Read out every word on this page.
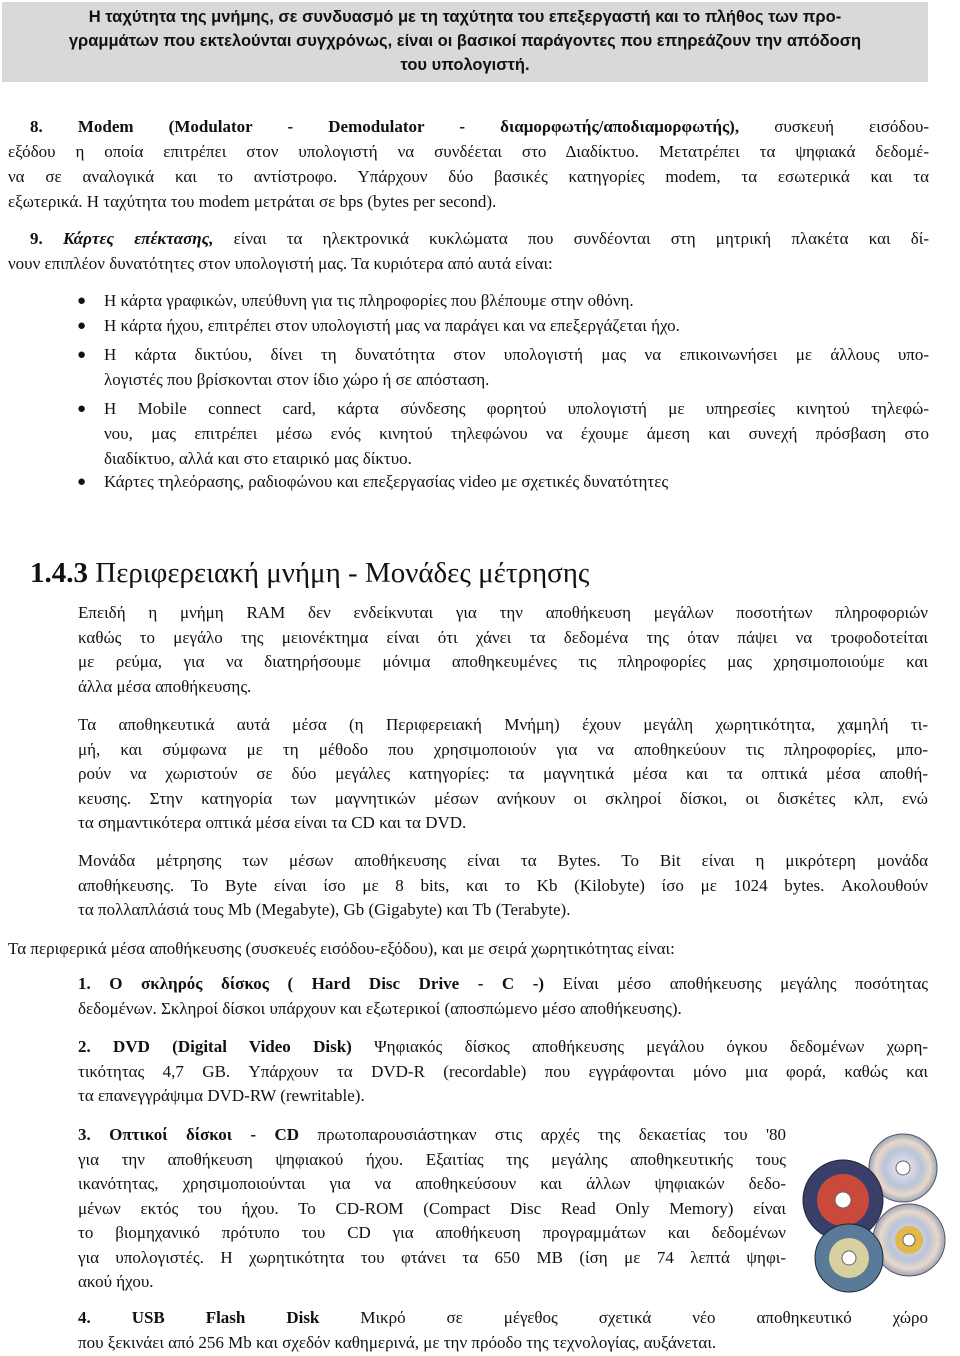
Η ταχύτητα της μνήμης, σε συνδυασμό με τη ταχύτητα του επεξεργαστή και το πλήθος των προ-
γραμμάτων που εκτελούνται συγχρόνως, είναι οι βασικοί παράγοντες που επηρεάζουν την απόδοση
του υπολογιστή.
8. Modem (Modulator - Demodulator - διαμορφωτής/αποδιαμορφωτής), συσκευή εισόδου-
εξόδου η οποία επιτρέπει στον υπολογιστή να συνδέεται στο Διαδίκτυο. Μετατρέπει τα ψηφιακά δεδομέ-
να σε αναλογικά και το αντίστροφο. Υπάρχουν δύο βασικές κατηγορίες modem, τα εσωτερικά και τα
εξωτερικά. Η ταχύτητα του modem μετράται σε bps (bytes per second).
9. Κάρτες επέκτασης, είναι τα ηλεκτρονικά κυκλώματα που συνδέονται στη μητρική πλακέτα και δί-
νουν επιπλέον δυνατότητες στον υπολογιστή μας. Τα κυριότερα από αυτά είναι:
● Η κάρτα γραφικών, υπεύθυνη για τις πληροφορίες που βλέπουμε στην οθόνη.
● Η κάρτα ήχου, επιτρέπει στον υπολογιστή μας να παράγει και να επεξεργάζεται ήχο.
● Η κάρτα δικτύου, δίνει τη δυνατότητα στον υπολογιστή μας να επικοινωνήσει με άλλους υπο-
λογιστές που βρίσκονται στον ίδιο χώρο ή σε απόσταση.
● Η Mobile connect card, κάρτα σύνδεσης φορητού υπολογιστή με υπηρεσίες κινητού τηλεφώ-
νου, μας επιτρέπει μέσω ενός κινητού τηλεφώνου να έχουμε άμεση και συνεχή πρόσβαση στο
διαδίκτυο, αλλά και στο εταιρικό μας δίκτυο.
● Κάρτες τηλεόρασης, ραδιοφώνου και επεξεργασίας video με σχετικές δυνατότητες
1.4.3 Περιφερειακή μνήμη - Μονάδες μέτρησης
Επειδή η μνήμη RAM δεν ενδείκνυται για την αποθήκευση μεγάλων ποσοτήτων πληροφοριών
καθώς το μεγάλο της μειονέκτημα είναι ότι χάνει τα δεδομένα της όταν πάψει να τροφοδοτείται
με ρεύμα, για να διατηρήσουμε μόνιμα αποθηκευμένες τις πληροφορίες μας χρησιμοποιούμε και
άλλα μέσα αποθήκευσης.
Τα αποθηκευτικά αυτά μέσα (η Περιφερειακή Μνήμη) έχουν μεγάλη χωρητικότητα, χαμηλή τι-
μή, και σύμφωνα με τη μέθοδο που χρησιμοποιούν για να αποθηκεύουν τις πληροφορίες, μπο-
ρούν να χωριστούν σε δύο μεγάλες κατηγορίες: τα μαγνητικά μέσα και τα οπτικά μέσα αποθή-
κευσης. Στην κατηγορία των μαγνητικών μέσων ανήκουν οι σκληροί δίσκοι, οι δισκέτες κλπ, ενώ
τα σημαντικότερα οπτικά μέσα είναι τα CD και τα DVD.
Μονάδα μέτρησης των μέσων αποθήκευσης είναι τα Bytes. To Bit είναι η μικρότερη μονάδα
αποθήκευσης. Το Byte είναι ίσο με 8 bits, και το Kb (Kilobyte) ίσο με 1024 bytes. Ακολουθούν
τα πολλαπλάσιά τους Mb (Megabyte), Gb (Gigabyte) και Tb (Terabyte).
Τα περιφερικά μέσα αποθήκευσης (συσκευές εισόδου-εξόδου), και με σειρά χωρητικότητας είναι:
1. Ο σκληρός δίσκος ( Hard Disc Drive - C -) Είναι μέσο αποθήκευσης μεγάλης ποσότητας
δεδομένων. Σκληροί δίσκοι υπάρχουν και εξωτερικοί (αποσπώμενο μέσο αποθήκευσης).
2. DVD (Digital Video Disk) Ψηφιακός δίσκος αποθήκευσης μεγάλου όγκου δεδομένων χωρη-
τικότητας 4,7 GB. Υπάρχουν τα DVD-R (recordable) που εγγράφονται μόνο μια φορά, καθώς και
τα επανεγγράψιμα DVD-RW (rewritable).
3. Οπτικοί δίσκοι - CD πρωτοπαρουσιάστηκαν στις αρχές της δεκαετίας του '80
για την αποθήκευση ψηφιακού ήχου. Εξαιτίας της μεγάλης αποθηκευτικής τους
ικανότητας, χρησιμοποιούνται για να αποθηκεύσουν και άλλων ψηφιακών δεδο-
μένων εκτός του ήχου. Το CD-ROM (Compact Disc Read Only Memory) είναι
το βιομηχανικό πρότυπο του CD για αποθήκευση προγραμμάτων και δεδομένων
για υπολογιστές. Η χωρητικότητα του φτάνει τα 650 MB (ίση με 74 λεπτά ψηφι-
ακού ήχου.
4. USB Flash Disk Μικρό σε μέγεθος σχετικά νέο αποθηκευτικό χώρο
που ξεκινάει από 256 Mb και σχεδόν καθημερινά, με την πρόοδο της τεχνολογίας, αυξάνεται.
